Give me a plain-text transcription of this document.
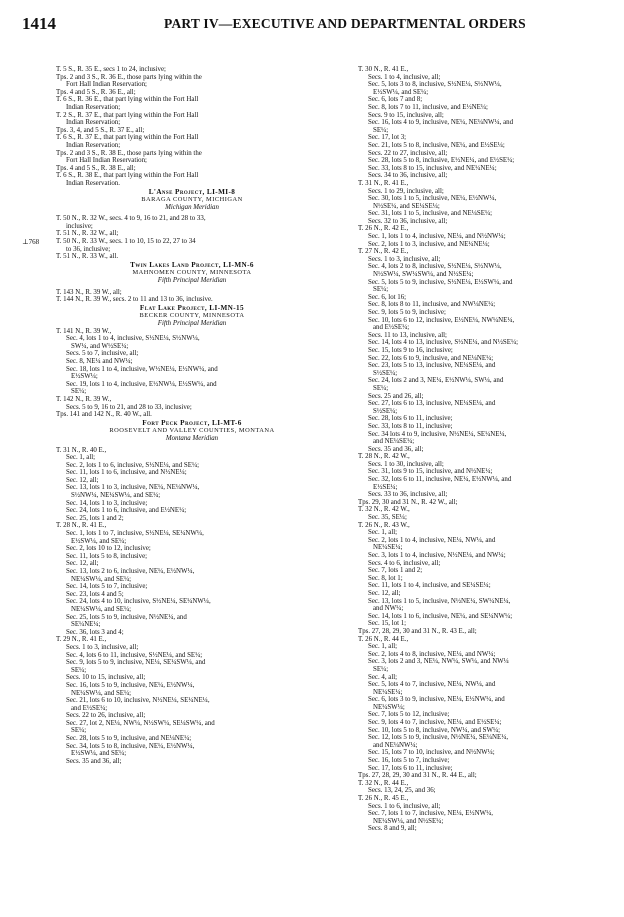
1414	PART IV—EXECUTIVE AND DEPARTMENTAL ORDERS
⊥768
T. 5 S., R. 35 E., secs 1 to 24, inclusive;
Tps. 2 and 3 S., R. 36 E., those parts lying within the
Fort Hall Indian Reservation;
Tps. 4 and 5 S., R. 36 E., all;
T. 6 S., R. 36 E., that part lying within the Fort Hall
Indian Reservation;
T. 2 S., R. 37 E., that part lying within the Fort Hall
Indian Reservation;
Tps. 3, 4, and 5 S., R. 37 E., all;
T. 6 S., R. 37 E., that part lying within the Fort Hall
Indian Reservation;
Tps. 2 and 3 S., R. 38 E., those parts lying within the
Fort Hall Indian Reservation;
Tps. 4 and 5 S., R. 38 E., all;
T. 6 S., R. 38 E., that part lying within the Fort Hall
Indian Reservation.
L'Anse Project, LI-MI-8
BARAGA COUNTY, MICHIGAN
Michigan Meridian
T. 50 N., R. 32 W., secs. 4 to 9, 16 to 21, and 28 to 33,
inclusive;
T. 51 N., R. 32 W., all;
T. 50 N., R. 33 W., secs. 1 to 10, 15 to 22, 27 to 34
to 36, inclusive;
T. 51 N., R. 33 W., all.
Twin Lakes Land Project, LI-MN-6
MAHNOMEN COUNTY, MINNESOTA
Fifth Principal Meridian
T. 143 N., R. 39 W., all;
T. 144 N., R. 39 W., secs. 2 to 11 and 13 to 36, inclusive.
Flat Lake Project, LI-MN-15
BECKER COUNTY, MINNESOTA
Fifth Principal Meridian
T. 141 N., R. 39 W.,
Sec. 4, lots 1 to 4, inclusive, S½NE¼, S½NW¼,
SW¼, and W½SE¼;
Secs. 5 to 7, inclusive, all;
Sec. 8, NE¼ and NW¼;
Sec. 18, lots 1 to 4, inclusive, W½NE¼, E½NW¼, and
E½SW¼;
Sec. 19, lots 1 to 4, inclusive, E½NW¼, E½SW¼, and
SE¼;
T. 142 N., R. 39 W.,
Secs. 5 to 9, 16 to 21, and 28 to 33, inclusive;
Tps. 141 and 142 N., R. 40 W., all.
Fort Peck Project, LI-MT-6
ROOSEVELT AND VALLEY COUNTIES, MONTANA
Montana Meridian
T. 31 N., R. 40 E.,
Sec. 1, all;
Sec. 2, lots 1 to 6, inclusive, S½NE¼, and SE¼;
Sec. 11, lots 1 to 6, inclusive, and N½NE¼;
Sec. 12, all;
Sec. 13, lots 1 to 3, inclusive, NE¼, NE¼NW¼,
S½NW¼, NE¼SW¼, and SE¼;
Sec. 14, lots 1 to 3, inclusive;
Sec. 24, lots 1 to 6, inclusive, and E½NE¼;
Sec. 25, lots 1 and 2;
T. 28 N., R. 41 E.,
Sec. 1, lots 1 to 7, inclusive, S½NE¼, SE¼NW¼,
E½SW¼, and SE¼;
Sec. 2, lots 10 to 12, inclusive;
Sec. 11, lots 5 to 8, inclusive;
Sec. 12, all;
Sec. 13, lots 2 to 6, inclusive, NE¼, E½NW¼,
NE¼SW¼, and SE¼;
Sec. 14, lots 5 to 7, inclusive;
Sec. 23, lots 4 and 5;
Sec. 24, lots 4 to 10, inclusive, S½NE¼, SE¼NW¼,
NE¼SW¼, and SE¼;
Sec. 25, lots 5 to 9, inclusive, N½NE¼, and
SE¼NE¼;
Sec. 36, lots 3 and 4;
T. 29 N., R. 41 E.,
Secs. 1 to 3, inclusive, all;
Sec. 4, lots 6 to 11, inclusive, S½NE¼, and SE¼;
Sec. 9, lots 5 to 9, inclusive, NE¼, SE¼SW¼, and
SE¼;
Secs. 10 to 15, inclusive, all;
Sec. 16, lots 5 to 9, inclusive, NE¼, E½NW¼,
NE¼SW¼, and SE¼;
Sec. 21, lots 6 to 10, inclusive, N½NE¼, SE¼NE¼,
and E½SE¼;
Secs. 22 to 26, inclusive, all;
Sec. 27, lot 2, NE¼, NW¼, N½SW¼, SE¼SW¼, and
SE¼;
Sec. 28, lots 5 to 9, inclusive, and NE¼NE¼;
Sec. 34, lots 5 to 8, inclusive, NE¼, E½NW¼,
E½SW¼, and SE¼;
Secs. 35 and 36, all;
T. 30 N., R. 41 E.,
Secs. 1 to 4, inclusive, all;
Sec. 5, lots 3 to 8, inclusive, S½NE¼, S½NW¼,
E½SW¼, and SE¼;
Sec. 6, lots 7 and 8;
Sec. 8, lots 7 to 11, inclusive, and E½NE¼;
Secs. 9 to 15, inclusive, all;
Sec. 16, lots 4 to 9, inclusive, NE¼, NE¼NW¼, and
SE¼;
Sec. 17, lot 3;
Sec. 21, lots 5 to 8, inclusive, NE¼, and E½SE¼;
Secs. 22 to 27, inclusive, all;
Sec. 28, lots 5 to 8, inclusive, E½NE¼, and E½SE¼;
Sec. 33, lots 8 to 15, inclusive, and NE¼NE¼;
Secs. 34 to 36, inclusive, all;
T. 31 N., R. 41 E.,
Secs. 1 to 29, inclusive, all;
Sec. 30, lots 1 to 5, inclusive, NE¼, E½NW¼,
N½SE¼, and SE¼SE¼;
Sec. 31, lots 1 to 5, inclusive, and NE¼SE¼;
Secs. 32 to 36, inclusive, all;
T. 26 N., R. 42 E.,
Sec. 1, lots 1 to 4, inclusive, NE¼, and N½NW¼;
Sec. 2, lots 1 to 3, inclusive, and NE¼NE¼;
T. 27 N., R. 42 E.,
Secs. 1 to 3, inclusive, all;
Sec. 4, lots 2 to 8, inclusive, S½NE¼, S½NW¼,
N½SW¼, SW¼SW¼, and N½SE¼;
Sec. 5, lots 5 to 9, inclusive, S½NE¼, E½SW¼, and
SE¼;
Sec. 6, lot 16;
Sec. 8, lots 8 to 11, inclusive, and NW¼NE¼;
Sec. 9, lots 5 to 9, inclusive;
Sec. 10, lots 6 to 12, inclusive, E½NE¼, NW¼NE¼,
and E½SE¼;
Secs. 11 to 13, inclusive, all;
Sec. 14, lots 4 to 13, inclusive, S½NE¼, and N½SE¼;
Sec. 15, lots 9 to 16, inclusive;
Sec. 22, lots 6 to 9, inclusive, and NE¼NE¼;
Sec. 23, lots 5 to 13, inclusive, NE¼SE¼, and
S½SE¼;
Sec. 24, lots 2 and 3, NE¼, E½NW¼, SW¼, and
SE¼;
Secs. 25 and 26, all;
Sec. 27, lots 6 to 13, inclusive, NE¼SE¼, and
S½SE¼;
Sec. 28, lots 6 to 11, inclusive;
Sec. 33, lots 8 to 11, inclusive;
Sec. 34 lots 4 to 9, inclusive, N½NE¼, SE¼NE¼,
and NE¼SE¼;
Secs. 35 and 36, all;
T. 28 N., R. 42 W.,
Secs. 1 to 30, inclusive, all;
Sec. 31, lots 9 to 15, inclusive, and N½NE¼;
Sec. 32, lots 6 to 11, inclusive, NE¼, E½NW¼, and
E½SE¼;
Secs. 33 to 36, inclusive, all;
Tps. 29, 30 and 31 N., R. 42 W., all;
T. 32 N., R. 42 W.,
Sec. 35, SE¼;
T. 26 N., R. 43 W.,
Sec. 1, all;
Sec. 2, lots 1 to 4, inclusive, NE¼, NW¼, and
NE¼SE¼;
Sec. 3, lots 1 to 4, inclusive, N½NE¼, and NW¼;
Secs. 4 to 6, inclusive, all;
Sec. 7, lots 1 and 2;
Sec. 8, lot 1;
Sec. 11, lots 1 to 4, inclusive, and SE¼SE¼;
Sec. 12, all;
Sec. 13, lots 1 to 5, inclusive, N½NE¼, SW¼NE¼,
and NW¼;
Sec. 14, lots 1 to 6, inclusive, NE¼, and SE¼NW¼;
Sec. 15, lot 1;
Tps. 27, 28, 29, 30 and 31 N., R. 43 E., all;
T. 26 N., R. 44 E.,
Sec. 1, all;
Sec. 2, lots 4 to 8, inclusive, NE¼, and NW¼;
Sec. 3, lots 2 and 3, NE¼, NW¼, SW¼, and NW¼
SE¼;
Sec. 4, all;
Sec. 5, lots 4 to 7, inclusive, NE¼, NW¼, and
NE¼SE¼;
Sec. 6, lots 3 to 9, inclusive, NE¼, E½NW¼, and
NE¼SW¼;
Sec. 7, lots 5 to 12, inclusive;
Sec. 9, lots 4 to 7, inclusive, NE¼, and E½SE¼;
Sec. 10, lots 5 to 8, inclusive, NW¼, and SW¼;
Sec. 12, lots 5 to 9, inclusive, N½NE¼, SE¼NE¼,
and NE¼NW¼;
Sec. 15, lots 7 to 10, inclusive, and N½NW¼;
Sec. 16, lots 5 to 7, inclusive;
Sec. 17, lots 6 to 11, inclusive;
Tps. 27, 28, 29, 30 and 31 N., R. 44 E., all;
T. 32 N., R. 44 E.,
Secs. 13, 24, 25, and 36;
T. 26 N., R. 45 E.,
Secs. 1 to 6, inclusive, all;
Sec. 7, lots 1 to 7, inclusive, NE¼, E½NW¼,
NE¼SW¼, and N½SE¼;
Secs. 8 and 9, all;
